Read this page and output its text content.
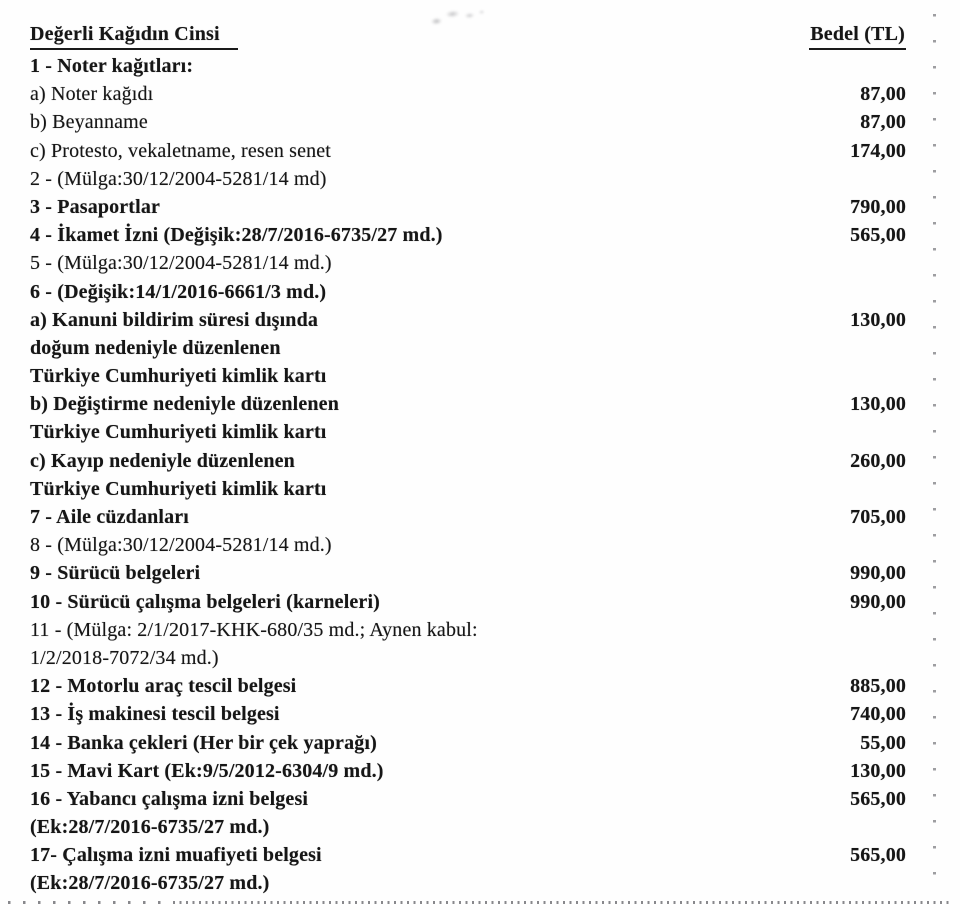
Değerli Kağıdın Cinsi	Bedel (TL)
1 - Noter kağıtları:
a) Noter kağıdı	87,00
b) Beyanname	87,00
c) Protesto, vekaletname, resen senet	174,00
2 - (Mülga:30/12/2004-5281/14 md)
3 - Pasaportlar	790,00
4 - İkamet İzni (Değişik:28/7/2016-6735/27 md.)	565,00
5 - (Mülga:30/12/2004-5281/14 md.)
6 - (Değişik:14/1/2016-6661/3 md.)
a) Kanuni bildirim süresi dışında	130,00
doğum nedeniyle düzenlenen
Türkiye Cumhuriyeti kimlik kartı
b) Değiştirme nedeniyle düzenlenen	130,00
Türkiye Cumhuriyeti kimlik kartı
c) Kayıp nedeniyle düzenlenen	260,00
Türkiye Cumhuriyeti kimlik kartı
7 - Aile cüzdanları	705,00
8 - (Mülga:30/12/2004-5281/14 md.)
9 - Sürücü belgeleri	990,00
10 - Sürücü çalışma belgeleri (karneleri)	990,00
11 - (Mülga: 2/1/2017-KHK-680/35 md.; Aynen kabul:
1/2/2018-7072/34 md.)
12 - Motorlu araç tescil belgesi	885,00
13 - İş makinesi tescil belgesi	740,00
14 - Banka çekleri (Her bir çek yaprağı)	55,00
15 - Mavi Kart (Ek:9/5/2012-6304/9 md.)	130,00
16 - Yabancı çalışma izni belgesi	565,00
(Ek:28/7/2016-6735/27 md.)
17- Çalışma izni muafiyeti belgesi	565,00
(Ek:28/7/2016-6735/27 md.)
